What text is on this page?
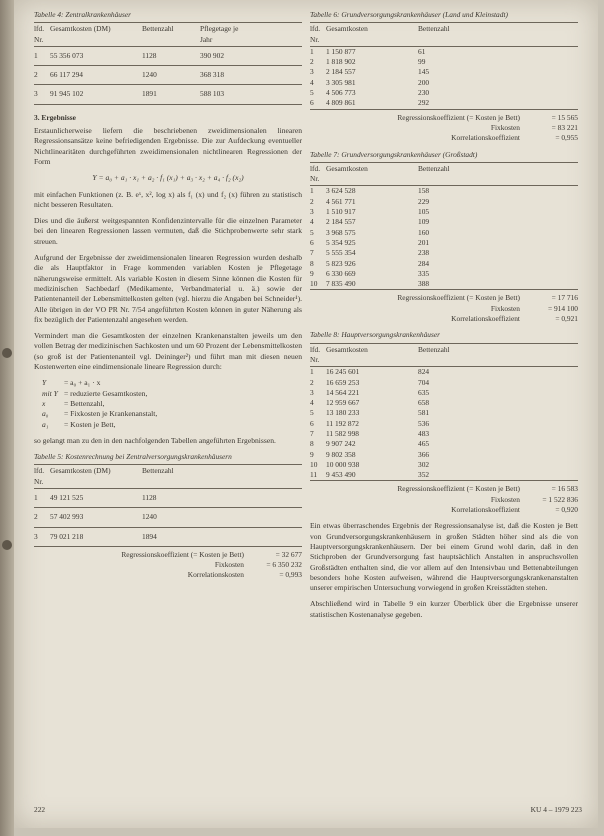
Tabelle 4: Zentralkrankenhäuser
lfd. Nr.
Gesamtkosten (DM)	Bettenzahl	Pflegetage je Jahr
1	55 356 073	1128	390 902
2	66 117 294	1240	368 318
3	91 945 102	1891	588 103
3. Ergebnisse

Erstaunlicherweise liefern die beschriebenen zweidimensionalen linearen Regressionsansätze keine befriedigenden Ergebnisse. Die zur Aufdeckung eventueller Nichtlinearitäten durchgeführten zweidimensionalen nichtlinearen Regressionen der Form

Y = a₀ + a₁ · x₁ + a₂ · f₁ (x₁) + a₃ · x₂ + a₄ · f₂ (x₂)

mit einfachen Funktionen (z. B. eˣ, x², log x) als f₁ (x) und f₂ (x) führen zu statistisch nicht besseren Resultaten.

Dies und die äußerst weitgespannten Konfidenzintervalle für die einzelnen Parameter bei den linearen Regressionen lassen vermuten, daß die Stichprobenwerte sehr stark streuen.

Aufgrund der Ergebnisse der zweidimensionalen linearen Regression wurden deshalb die als Hauptfaktor in Frage kommenden variablen Kosten je Pflegetage näherungsweise ermittelt. Als variable Kosten in diesem Sinne können die Kosten für medizinischen Sachbedarf (Medikamente, Verbandmaterial u. ä.) sowie der Patientenanteil der Lebensmittelkosten gelten (vgl. hierzu die Angaben bei Schneider¹). Alle übrigen in der VO PR Nr. 7/54 angeführten Kosten können in guter Näherung als fix bezüglich der Patientenzahl angesehen werden.

Vermindert man die Gesamtkosten der einzelnen Krankenanstalten jeweils um den vollen Betrag der medizinischen Sachkosten und um 60 Prozent der Lebensmittelkosten (so groß ist der Patientenanteil vgl. Deininger²) und führt man mit diesen neuen Kostenwerten eine eindimensionale lineare Regression durch:

Y	= a₀ + a₁ · x
mit Y = reduzierte Gesamtkosten,
x	= Bettenzahl,
a₀	= Fixkosten je Krankenanstalt,
a₁	= Kosten je Bett,

so gelangt man zu den in den nachfolgenden Tabellen angeführten Ergebnissen.

Tabelle 5: Kostenrechnung bei Zentralversorgungskrankenhäusern
lfd. Nr.
Gesamtkosten (DM)	Bettenzahl
1	49 121 525	1128
2	57 402 993	1240
3	79 021 218	1894
Regressionskoeffizient (= Kosten je Bett)	= 32 677
Fixkosten	= 6 350 232
Korrelationskosten	= 0,993
Tabelle 6: Grundversorgungskrankenhäuser (Land und Kleinstadt)
lfd. Nr.
Gesamtkosten	Bettenzahl
1	1 150 877	61
2	1 818 902	99
3	2 184 557	145
4	3 305 981	200
5	4 506 773	230
6	4 809 861	292
Regressionskoeffizient (= Kosten je Bett)	= 15 565
Fixkosten	= 83 221
Korrelationskoeffizient	= 0,955
Tabelle 7: Grundversorgungskrankenhäuser (Großstadt)
lfd. Nr.
Gesamtkosten	Bettenzahl
1	3 624 528	158
2	4 561 771	229
3	1 510 917	105
4	2 184 557	109
5	3 968 575	160
6	5 354 925	201
7	5 555 354	238
8	5 823 926	284
9	6 330 669	335
10	7 835 490	388
Regressionskoeffizient (= Kosten je Bett)	= 17 716
Fixkosten	= 914 100
Korrelationskoeffizient	= 0,921
Tabelle 8: Hauptversorgungskrankenhäuser
lfd. Nr.
Gesamtkosten	Bettenzahl
1	16 245 601	824
2	16 659 253	704
3	14 564 221	635
4	12 959 667	658
5	13 180 233	581
6	11 192 872	536
7	11 582 998	483
8	9 907 242	465
9	9 802 358	366
10	10 000 938	302
11	9 453 490	352
Regressionskoeffizient (= Kosten je Bett)	= 16 583
Fixkosten	= 1 522 836
Korrelationskoeffizient	= 0,920

Ein etwas überraschendes Ergebnis der Regressionsanalyse ist, daß die Kosten je Bett von Grundversorgungskrankenhäusern in großen Städten höher sind als die von Hauptversorgungskrankenhäusern. Der bei einem Grund wohl darin, daß in den Stichproben der Grundversorgung fast hauptsächlich Anstalten in anspruchsvollen Großstädten enthalten sind, die vor allem auf den Intensivbau und Bettenabteilungen besonders hohe Kosten aufweisen, während die Hauptversorgungskrankenanstalten unserer empirischen Untersuchung vorwiegend in großen Kreisstädten stehen.

Abschließend wird in Tabelle 9 ein kurzer Überblick über die Ergebnisse unserer statistischen Kostenanalyse gegeben.

222	KU 4 – 1979 223
